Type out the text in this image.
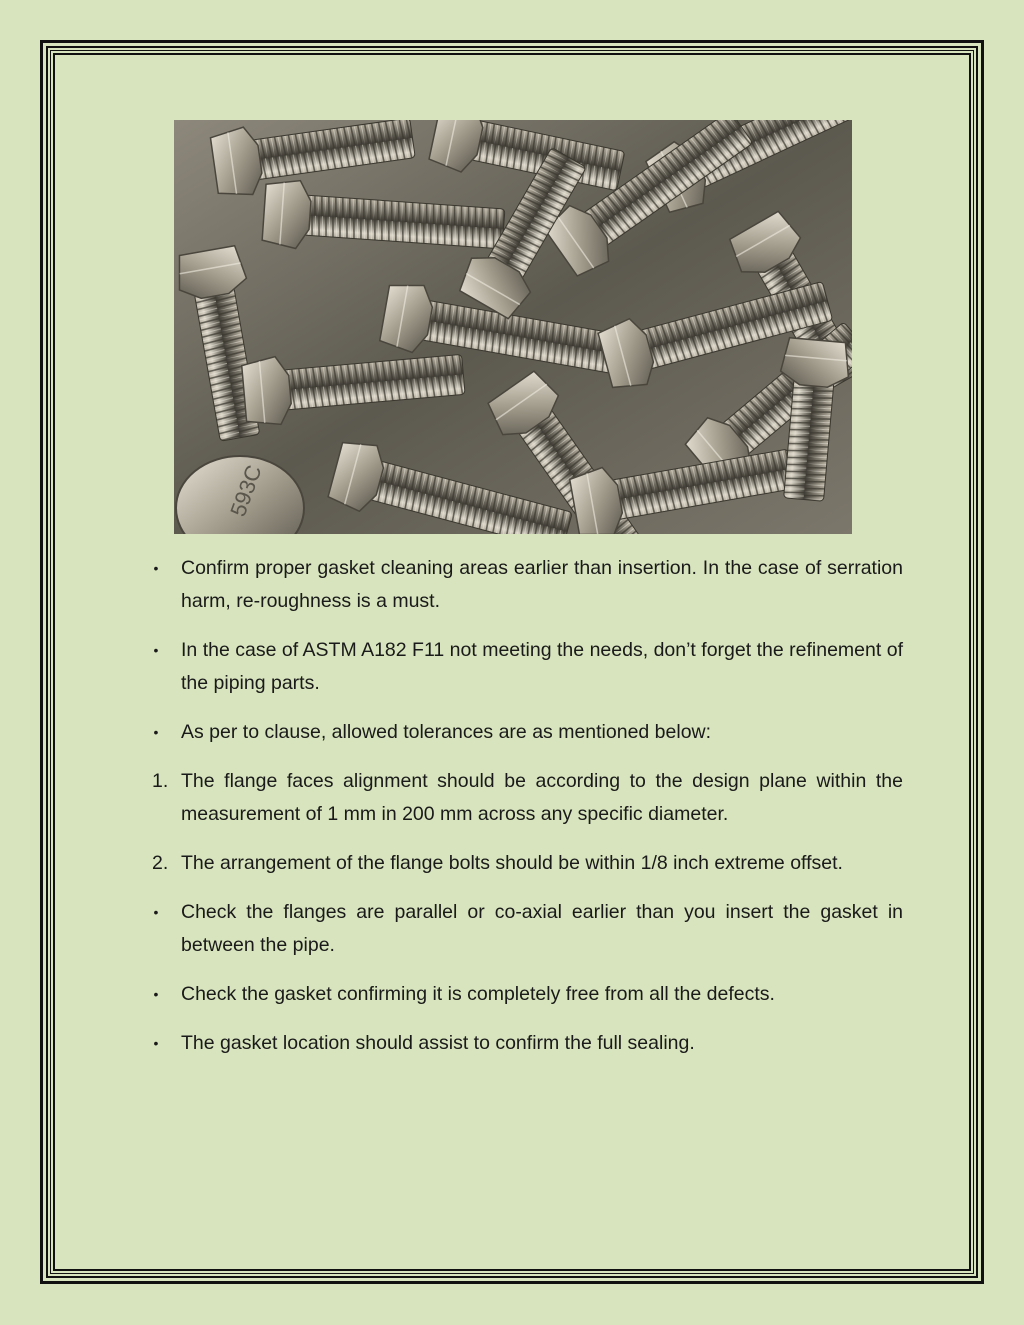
593C
•	Confirm proper gasket cleaning areas earlier than insertion. In the case of serration harm, re-roughness is a must.
•	In the case of ASTM A182 F11 not meeting the needs, don’t forget the refinement of the piping parts.
•	As per to clause, allowed tolerances are as mentioned below:
1. The flange faces alignment should be according to the design plane within the measurement of 1 mm in 200 mm across any specific diameter.
2. The arrangement of the flange bolts should be within 1/8 inch extreme offset.
•	Check the flanges are parallel or co-axial earlier than you insert the gasket in between the pipe.
•	Check the gasket confirming it is completely free from all the defects.
•	The gasket location should assist to confirm the full sealing.
